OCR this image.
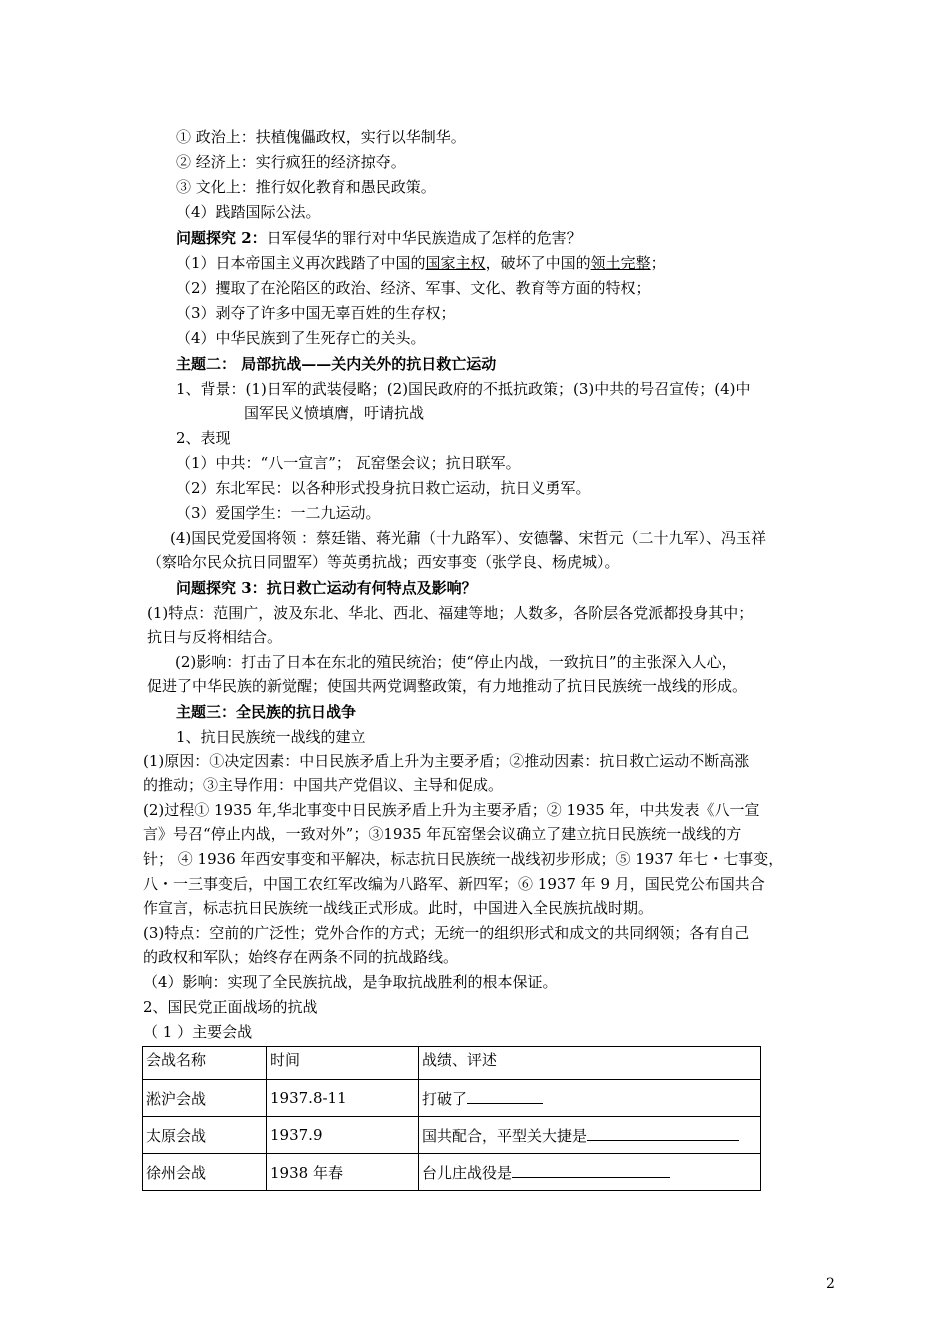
① 政治上：扶植傀儡政权，实行以华制华。
② 经济上：实行疯狂的经济掠夺。
③ 文化上：推行奴化教育和愚民政策。
（4）践踏国际公法。
问题探究 2：日军侵华的罪行对中华民族造成了怎样的危害？
（1）日本帝国主义再次践踏了中国的国家主权，破坏了中国的领土完整；
（2）攫取了在沦陷区的政治、经济、军事、文化、教育等方面的特权；
（3）剥夺了许多中国无辜百姓的生存权；
（4）中华民族到了生死存亡的关头。
主题二： 局部抗战——关内关外的抗日救亡运动
1、背景：(1)日军的武装侵略；(2)国民政府的不抵抗政策；(3)中共的号召宣传；(4)中
国军民义愤填膺，吁请抗战
2、表现
（1）中共：“八一宣言”； 瓦窑堡会议；抗日联军。
（2）东北军民：以各种形式投身抗日救亡运动，抗日义勇军。
（3）爱国学生：一二九运动。
(4)国民党爱国将领 ：蔡廷锴、蒋光鼐（十九路军）、安德馨、宋哲元（二十九军）、冯玉祥
（察哈尔民众抗日同盟军）等英勇抗战；西安事变（张学良、杨虎城）。
问题探究 3：抗日救亡运动有何特点及影响？
(1)特点：范围广，波及东北、华北、西北、福建等地；人数多，各阶层各党派都投身其中；
抗日与反将相结合。
(2)影响：打击了日本在东北的殖民统治；使“停止内战，一致抗日”的主张深入人心，
促进了中华民族的新觉醒；使国共两党调整政策，有力地推动了抗日民族统一战线的形成。
主题三：全民族的抗日战争
1、抗日民族统一战线的建立
(1)原因：①决定因素：中日民族矛盾上升为主要矛盾；②推动因素：抗日救亡运动不断高涨
的推动；③主导作用：中国共产党倡议、主导和促成。
(2)过程① 1935 年,华北事变中日民族矛盾上升为主要矛盾；② 1935 年，中共发表《八一宣
言》号召“停止内战，一致对外”；③1935 年瓦窑堡会议确立了建立抗日民族统一战线的方
针； ④ 1936 年西安事变和平解决，标志抗日民族统一战线初步形成；⑤ 1937 年七・七事变，
八・一三事变后，中国工农红军改编为八路军、新四军；⑥ 1937 年 9 月，国民党公布国共合
作宣言，标志抗日民族统一战线正式形成。此时，中国进入全民族抗战时期。
(3)特点：空前的广泛性；党外合作的方式；无统一的组织形式和成文的共同纲领；各有自己
的政权和军队；始终存在两条不同的抗战路线。
（4）影响：实现了全民族抗战，是争取抗战胜利的根本保证。
2、国民党正面战场的抗战
（ 1 ）主要会战
会战名称	时间	战绩、评述
淞沪会战	1937.8-11	打破了
太原会战	1937.9	国共配合，平型关大捷是
徐州会战	1938 年春	台儿庄战役是
2
